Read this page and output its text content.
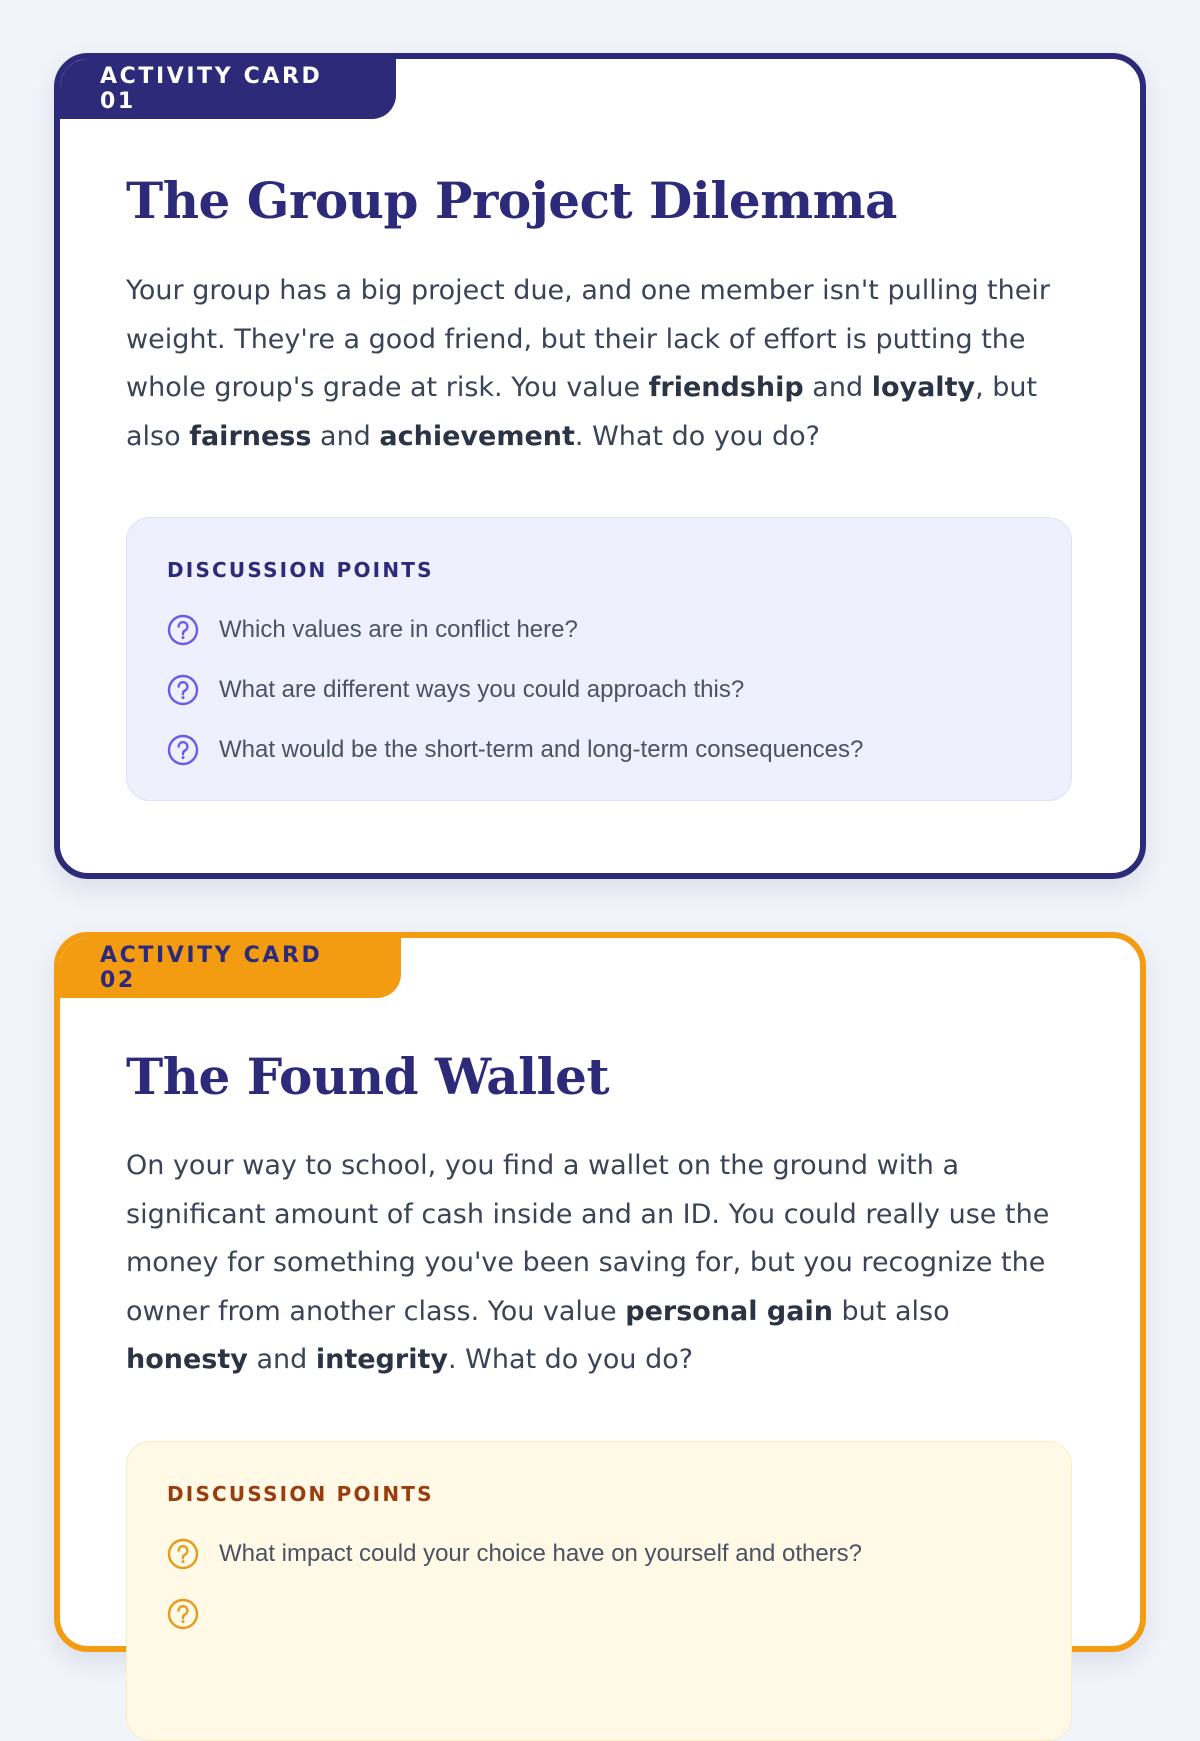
ACTIVITY CARD 01
The Group Project Dilemma

Your group has a big project due, and one member isn't pulling their weight. They're a good friend, but their lack of effort is putting the whole group's grade at risk. You value friendship and loyalty, but also fairness and achievement. What do you do?

DISCUSSION POINTS
Which values are in conflict here?
What are different ways you could approach this?
What would be the short-term and long-term consequences?
ACTIVITY CARD 02
The Found Wallet

On your way to school, you find a wallet on the ground with a significant amount of cash inside and an ID. You could really use the money for something you've been saving for, but you recognize the owner from another class. You value personal gain but also honesty and integrity. What do you do?

DISCUSSION POINTS
What impact could your choice have on yourself and others?
